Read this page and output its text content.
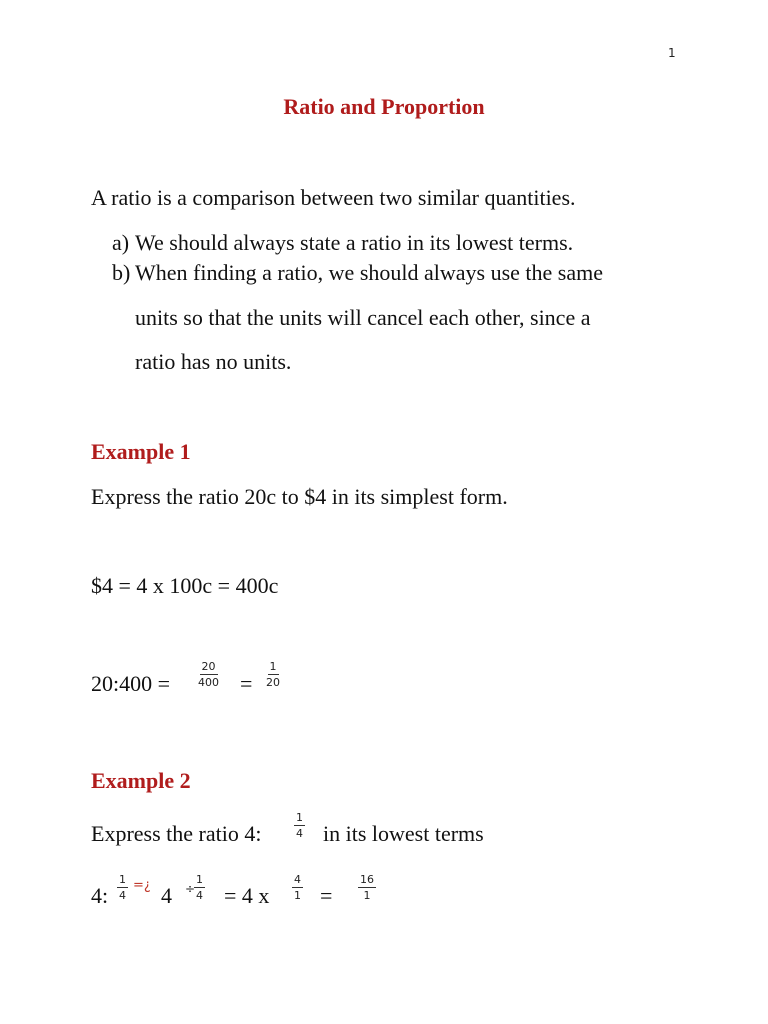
1
Ratio and Proportion
A ratio is a comparison between two similar quantities.
a) We should always state a ratio in its lowest terms.
b) When finding a ratio, we should always use the same
units so that the units will cancel each other, since a
ratio has no units.
Example 1
Express the ratio 20c to $4 in its simplest form.
$4 = 4 x 100c = 400c
20:400 = $\frac{20}{400} = \frac{1}{20}$
Example 2
Express the ratio 4:	$\frac{1}{4}$ in its lowest terms
4: $\frac{1}{4}$ =¿ 4 ÷
$\frac{1}{4} = 4$ x $\frac{4}{1} = \frac{16}{1}$
